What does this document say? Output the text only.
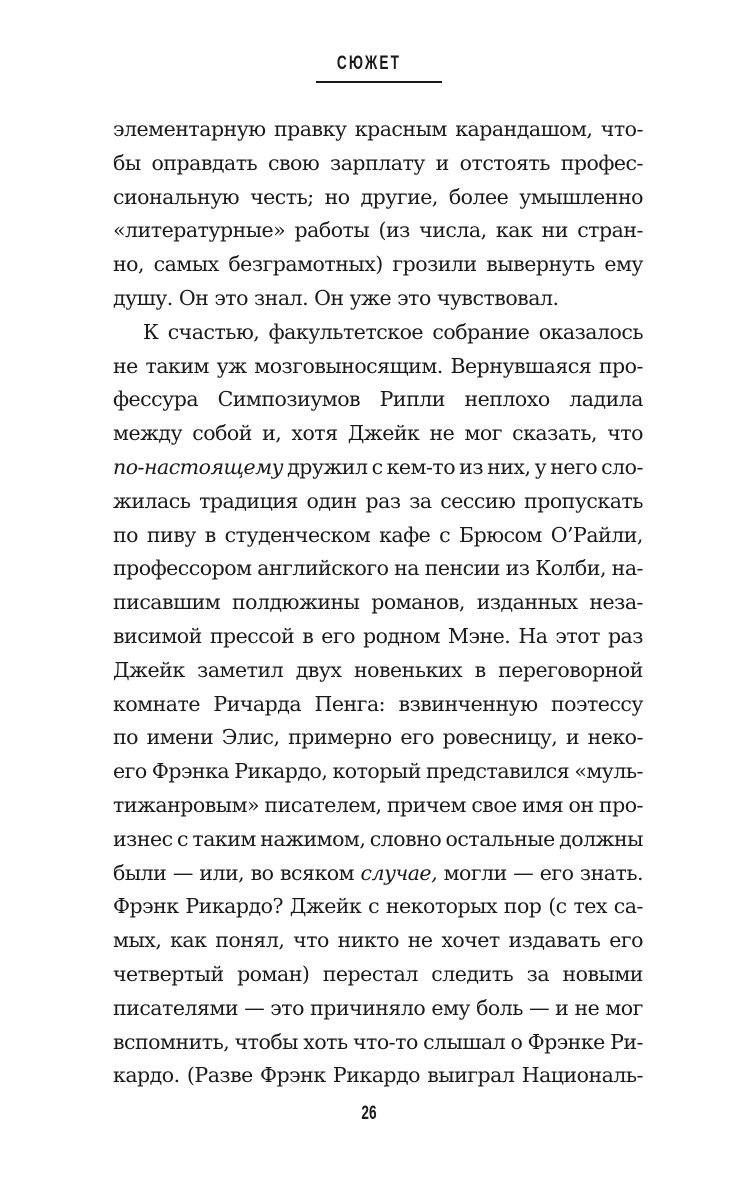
СЮЖЕТ
элементарную правку красным карандашом, что-
бы оправдать свою зарплату и отстоять профес-
сиональную честь; но другие, более умышленно
«литературные» работы (из числа, как ни стран-
но, самых безграмотных) грозили вывернуть ему
душу. Он это знал. Он уже это чувствовал.
К счастью, факультетское собрание оказалось
не таким уж мозговыносящим. Вернувшаяся про-
фессура Симпозиумов Рипли неплохо ладила
между собой и, хотя Джейк не мог сказать, что
по-настоящему дружил с кем-то из них, у него сло-
жилась традиция один раз за сессию пропускать
по пиву в студенческом кафе с Брюсом О’Райли,
профессором английского на пенсии из Колби, на-
писавшим полдюжины романов, изданных неза-
висимой прессой в его родном Мэне. На этот раз
Джейк заметил двух новеньких в переговорной
комнате Ричарда Пенга: взвинченную поэтессу
по имени Элис, примерно его ровесницу, и неко-
его Фрэнка Рикардо, который представился «муль-
тижанровым» писателем, причем свое имя он про-
изнес с таким нажимом, словно остальные должны
были — или, во всяком случае, могли — его знать.
Фрэнк Рикардо? Джейк с некоторых пор (с тех са-
мых, как понял, что никто не хочет издавать его
четвертый роман) перестал следить за новыми
писателями — это причиняло ему боль — и не мог
вспомнить, чтобы хоть что-то слышал о Фрэнке Ри-
кардо. (Разве Фрэнк Рикардо выиграл Националь-
26
